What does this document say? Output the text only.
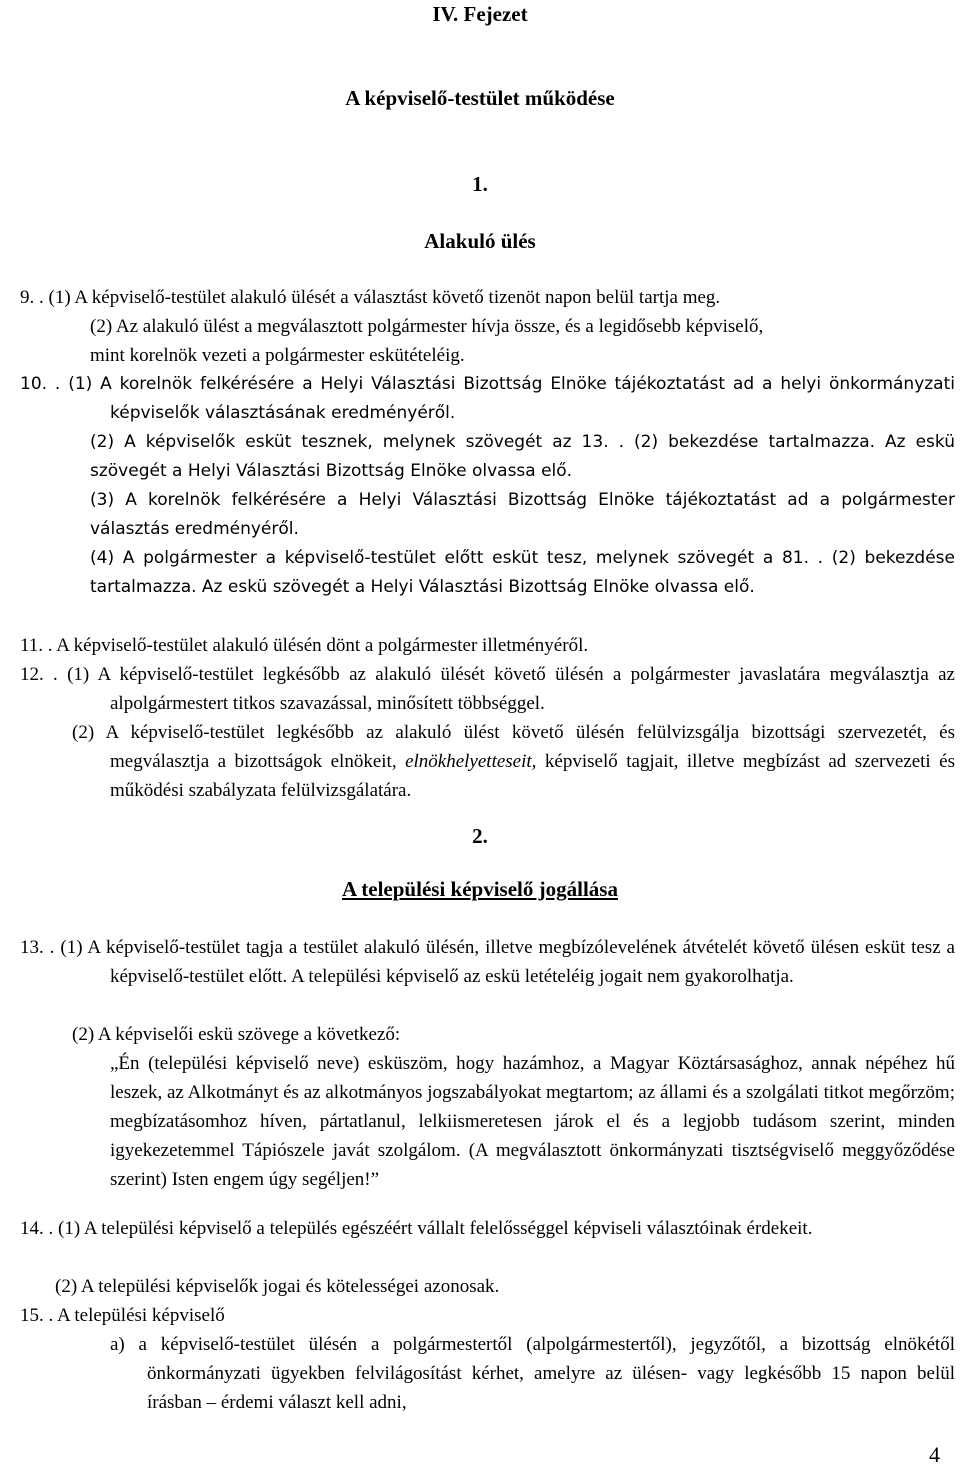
IV. Fejezet
A képviselő-testület működése
1.
Alakuló ülés

9. . (1) A képviselő-testület alakuló ülését a választást követő tizenöt napon belül tartja meg.

(2) Az alakuló ülést a megválasztott polgármester hívja össze, és a legidősebb képviselő,

mint korelnök vezeti a polgármester eskütételéig.

10. . (1) A korelnök felkérésére a Helyi Választási Bizottság Elnöke tájékoztatást ad a helyi önkormányzati képviselők választásának eredményéről.

(2) A képviselők esküt tesznek, melynek szövegét az 13. . (2) bekezdése tartalmazza. Az eskü szövegét a Helyi Választási Bizottság Elnöke olvassa elő.

(3) A korelnök felkérésére a Helyi Választási Bizottság Elnöke tájékoztatást ad a polgármester választás eredményéről.

(4) A polgármester a képviselő-testület előtt esküt tesz, melynek szövegét a 81. . (2) bekezdése tartalmazza. Az eskü szövegét a Helyi Választási Bizottság Elnöke olvassa elő.

11. . A képviselő-testület alakuló ülésén dönt a polgármester illetményéről.

12. . (1) A képviselő-testület legkésőbb az alakuló ülését követő ülésén a polgármester javaslatára megválasztja az alpolgármestert titkos szavazással, minősített többséggel.

(2) A képviselő-testület legkésőbb az alakuló ülést követő ülésén felülvizsgálja bizottsági szervezetét, és megválasztja a bizottságok elnökeit, elnökhelyetteseit, képviselő tagjait, illetve megbízást ad szervezeti és működési szabályzata felülvizsgálatára.

2.
A települési képviselő jogállása

13. . (1) A képviselő-testület tagja a testület alakuló ülésén, illetve megbízólevelének átvételét követő ülésen esküt tesz a képviselő-testület előtt. A települési képviselő az eskü letételéig jogait nem gyakorolhatja.

(2) A képviselői eskü szövege a következő:

„Én (települési képviselő neve) esküszöm, hogy hazámhoz, a Magyar Köztársasághoz, annak népéhez hű leszek, az Alkotmányt és az alkotmányos jogszabályokat megtartom; az állami és a szolgálati titkot megőrzöm; megbízatásomhoz híven, pártatlanul, lelkiismeretesen járok el és a legjobb tudásom szerint, minden igyekezetemmel Tápiószele javát szolgálom. (A megválasztott önkormányzati tisztségviselő meggyőződése szerint) Isten engem úgy segéljen!”

14. . (1) A települési képviselő a település egészéért vállalt felelősséggel képviseli választóinak érdekeit.

(2) A települési képviselők jogai és kötelességei azonosak.

15. . A települési képviselő

a) a képviselő-testület ülésén a polgármestertől (alpolgármestertől), jegyzőtől, a bizottság elnökétől önkormányzati ügyekben felvilágosítást kérhet, amelyre az ülésen- vagy legkésőbb 15 napon belül írásban – érdemi választ kell adni,

4
